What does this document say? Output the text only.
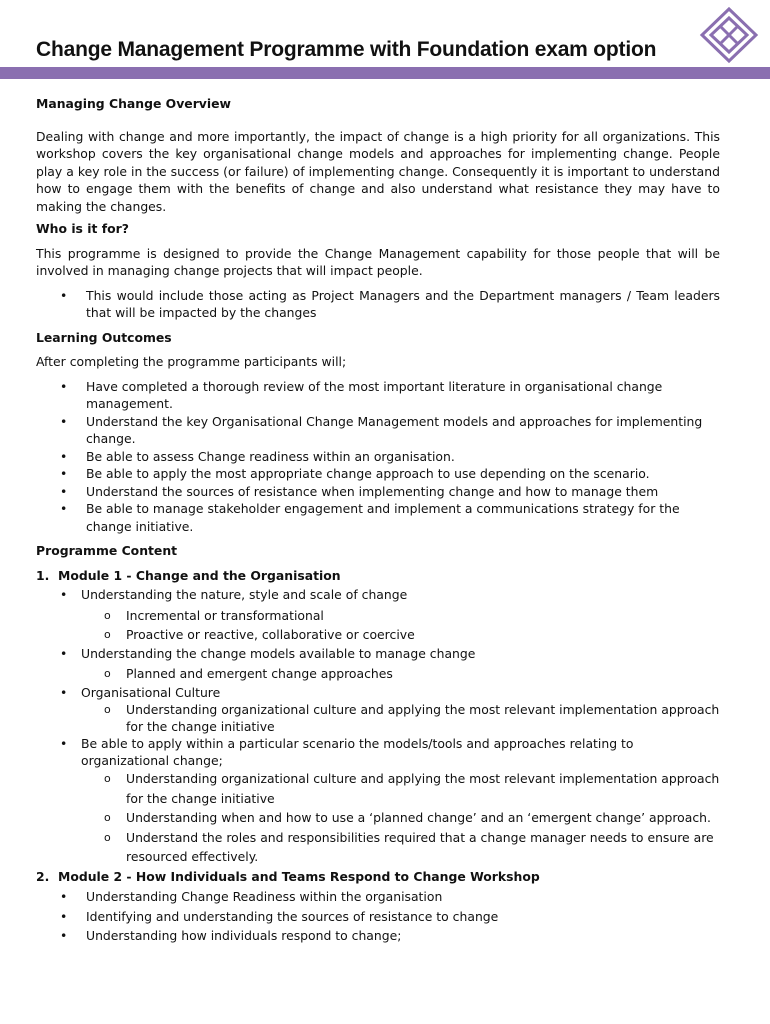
Change Management Programme with Foundation exam option
Managing Change Overview

Dealing with change and more importantly, the impact of change is a high priority for all organizations. This workshop covers the key organisational change models and approaches for implementing change. People play a key role in the success (or failure) of implementing change. Consequently it is important to understand how to engage them with the benefits of change and also understand what resistance they may have to making the changes.

Who is it for?

This programme is designed to provide the Change Management capability for those people that will be involved in managing change projects that will impact people.

• This would include those acting as Project Managers and the Department managers / Team leaders that will be impacted by the changes
Learning Outcomes

After completing the programme participants will;

• Have completed a thorough review of the most important literature in organisational change management.
• Understand the key Organisational Change Management models and approaches for implementing change.
• Be able to assess Change readiness within an organisation.
• Be able to apply the most appropriate change approach to use depending on the scenario.
• Understand the sources of resistance when implementing change and how to manage them
• Be able to manage stakeholder engagement and implement a communications strategy for the change initiative.
Programme Content
1. Module 1 - Change and the Organisation
• Understanding the nature, style and scale of change
o Incremental or transformational
o Proactive or reactive, collaborative or coercive
• Understanding the change models available to manage change
o Planned and emergent change approaches
• Organisational Culture
o Understanding organizational culture and applying the most relevant implementation approach for the change initiative
• Be able to apply within a particular scenario the models/tools and approaches relating to organizational change;
o Understanding organizational culture and applying the most relevant implementation approach for the change initiative
o Understanding when and how to use a ‘planned change’ and an ‘emergent change’ approach.
o Understand the roles and responsibilities required that a change manager needs to ensure are resourced effectively.
2. Module 2 - How Individuals and Teams Respond to Change Workshop
• Understanding Change Readiness within the organisation
• Identifying and understanding the sources of resistance to change
• Understanding how individuals respond to change;
